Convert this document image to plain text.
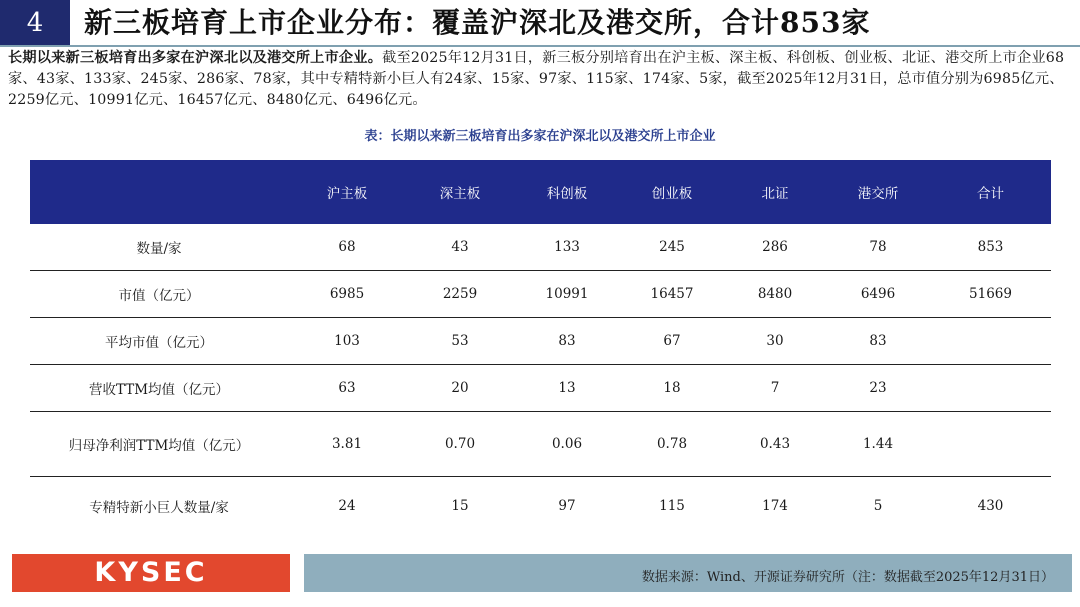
4	新三板培育上市企业分布：覆盖沪深北及港交所，合计853家
长期以来新三板培育出多家在沪深北以及港交所上市企业。截至2025年12月31日，新三板分别培育出在沪主板、深主板、科创板、创业板、北证、港交所上市企业68家、43家、133家、245家、286家、78家，其中专精特新小巨人有24家、15家、97家、115家、174家、5家，截至2025年12月31日，总市值分别为6985亿元、2259亿元、10991亿元、16457亿元、8480亿元、6496亿元。
表：长期以来新三板培育出多家在沪深北以及港交所上市企业
	沪主板	深主板	科创板	创业板	北证	港交所	合计
数量/家	68	43	133	245	286	78	853
市值（亿元）	6985	2259	10991	16457	8480	6496	51669
平均市值（亿元）	103	53	83	67	30	83	
营收TTM均值（亿元）	63	20	13	18	7	23	
归母净利润TTM均值（亿元）	3.81	0.70	0.06	0.78	0.43	1.44	
专精特新小巨人数量/家	24	15	97	115	174	5	430
KYSEC	数据来源：Wind、开源证券研究所（注：数据截至2025年12月31日）
